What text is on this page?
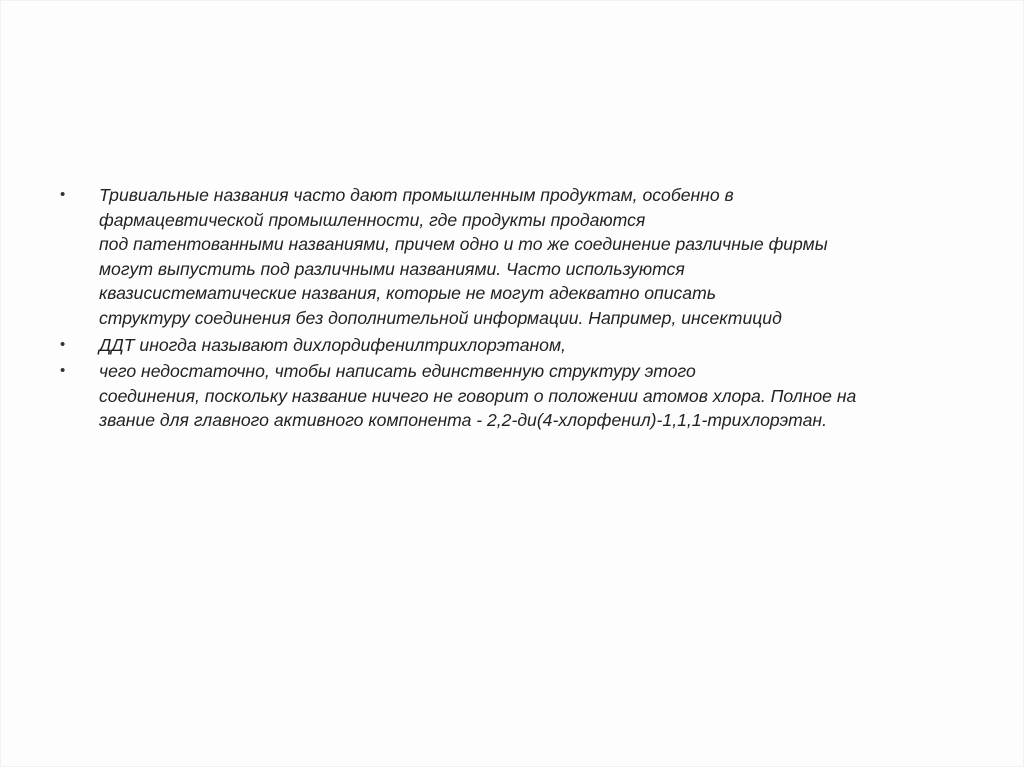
• Тривиальные названия часто дают промышленным продуктам, особенно в
фармацевтической промышленности, где продукты продаются
под патентованными названиями, причем одно и то же соединение различные фирмы
могут выпустить под различными названиями. Часто используются
квазисистематические названия, которые не могут адекватно описать
структуру соединения без дополнительной информации. Например, инсектицид
• ДДТ иногда называют дихлордифенилтрихлорэтаном,
• чего недостаточно, чтобы написать единственную структуру этого
соединения, поскольку название ничего не говорит о положении атомов хлора. Полное на
звание для главного активного компонента - 2,2-ди(4-хлорфенил)-1,1,1-трихлорэтан.
